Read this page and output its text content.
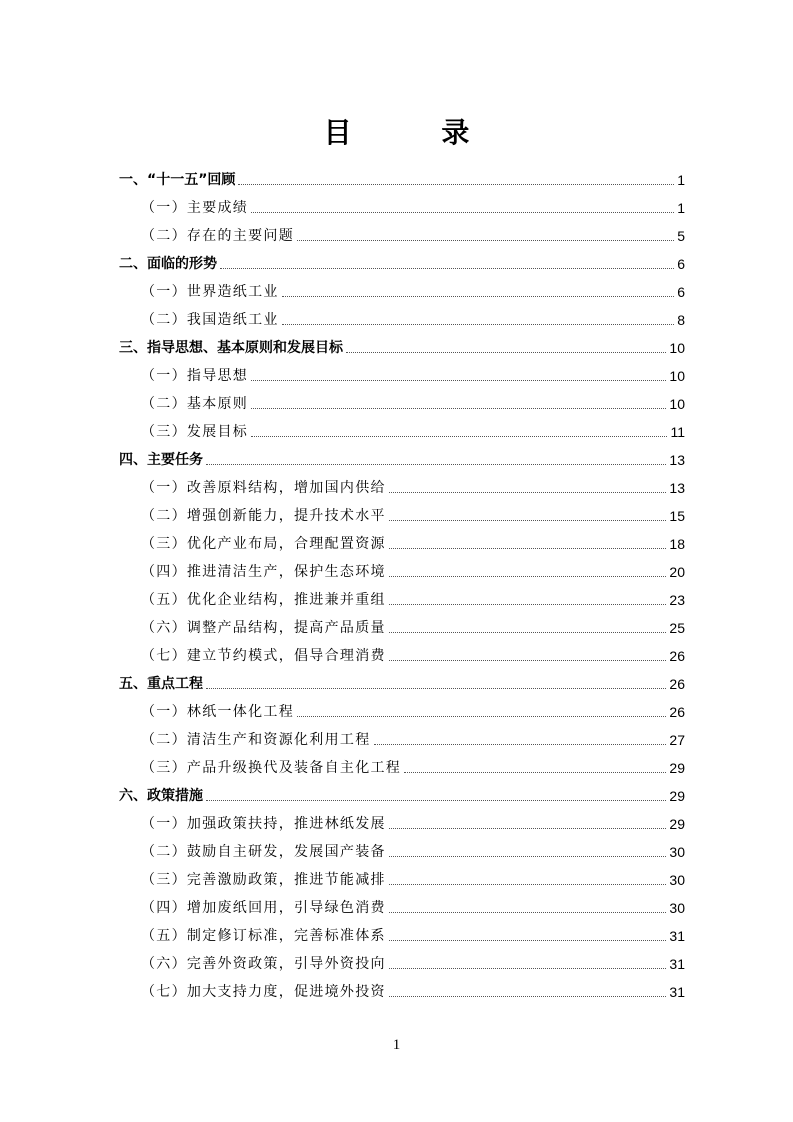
目 录
一、“十一五”回顾	1
（一）主要成绩	1
（二）存在的主要问题	5
二、面临的形势	6
（一）世界造纸工业	6
（二）我国造纸工业	8
三、指导思想、基本原则和发展目标	10
（一）指导思想	10
（二）基本原则	10
（三）发展目标	11
四、主要任务	13
（一）改善原料结构，增加国内供给	13
（二）增强创新能力，提升技术水平	15
（三）优化产业布局，合理配置资源	18
（四）推进清洁生产，保护生态环境	20
（五）优化企业结构，推进兼并重组	23
（六）调整产品结构，提高产品质量	25
（七）建立节约模式，倡导合理消费	26
五、重点工程	26
（一）林纸一体化工程	26
（二）清洁生产和资源化利用工程	27
（三）产品升级换代及装备自主化工程	29
六、政策措施	29
（一）加强政策扶持，推进林纸发展	29
（二）鼓励自主研发，发展国产装备	30
（三）完善激励政策，推进节能减排	30
（四）增加废纸回用，引导绿色消费	30
（五）制定修订标准，完善标准体系	31
（六）完善外资政策，引导外资投向	31
（七）加大支持力度，促进境外投资	31
1
